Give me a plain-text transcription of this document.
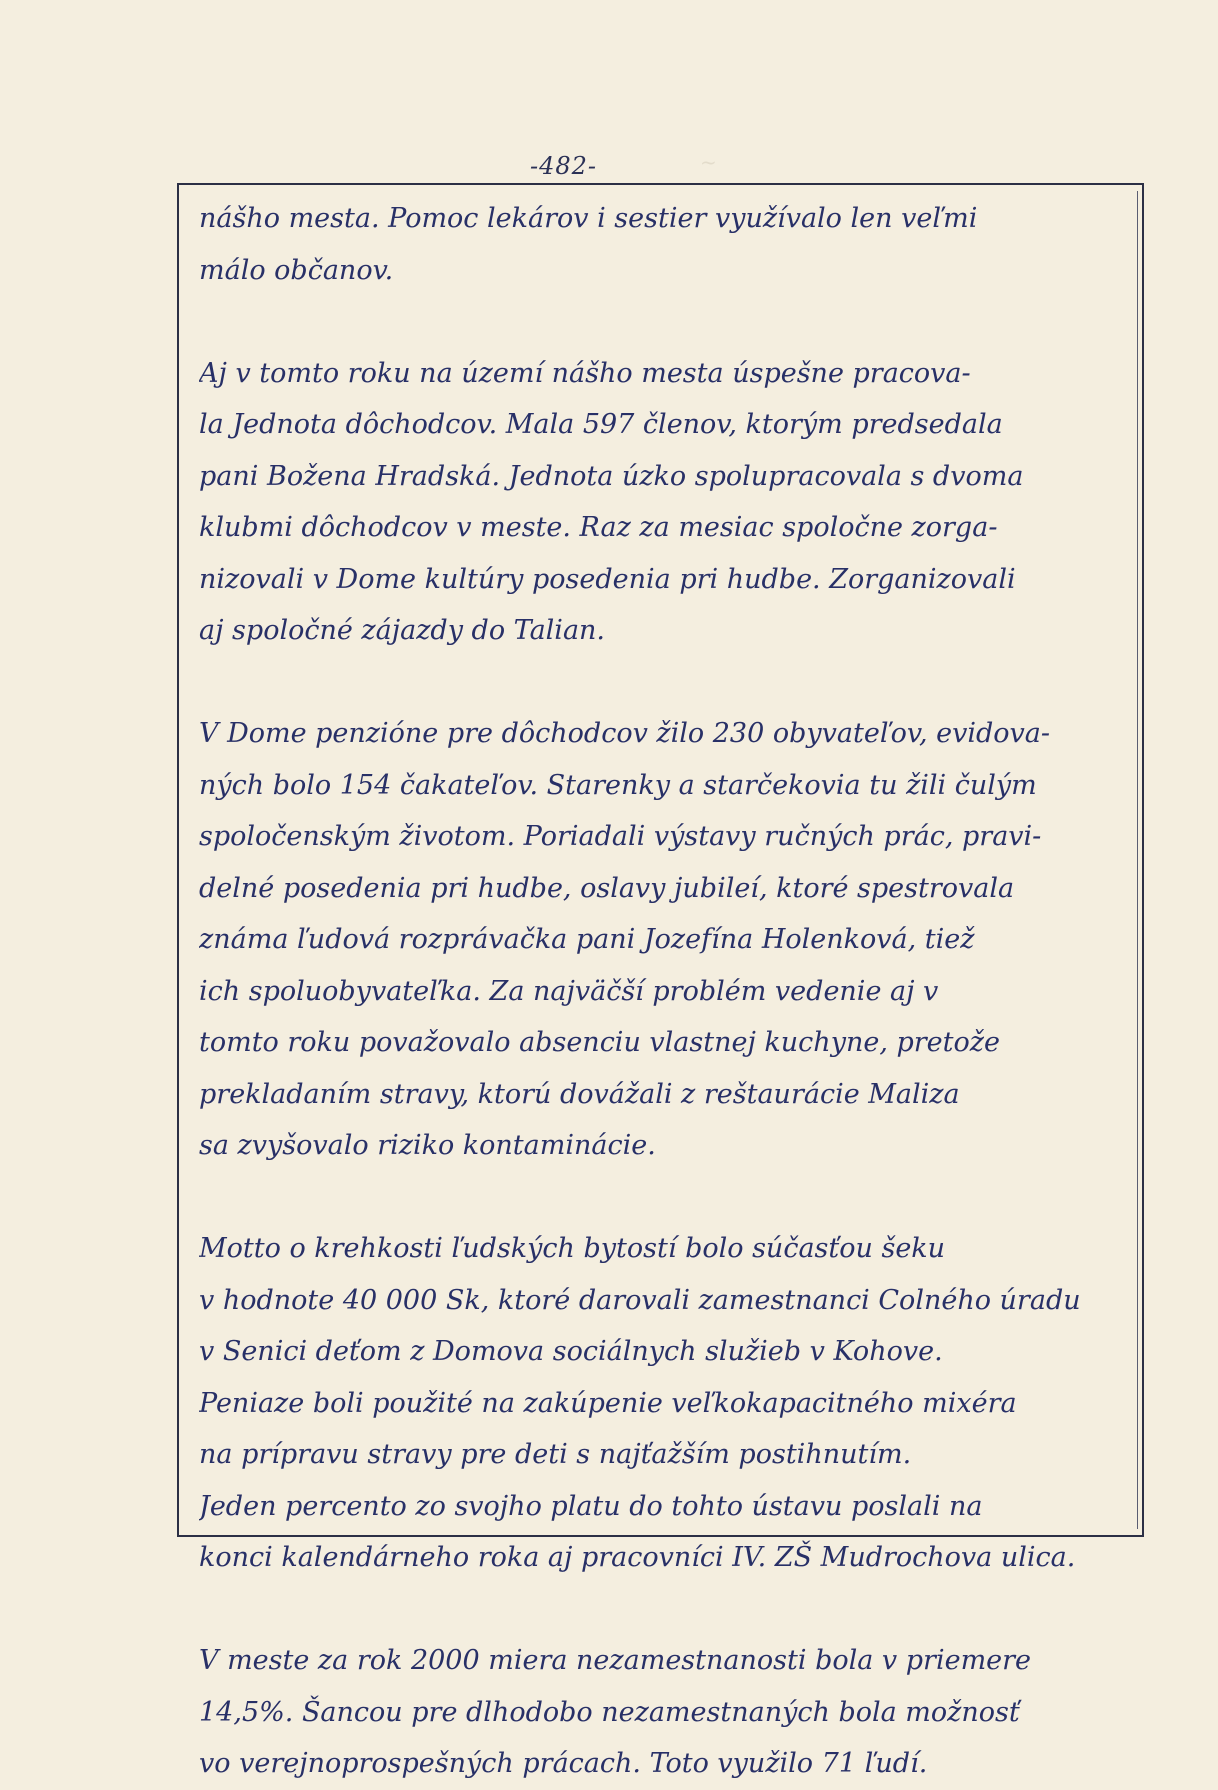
~
-482-
nášho mesta. Pomoc lekárov i sestier využívalo len veľmi
málo občanov.
Aj v tomto roku na území nášho mesta úspešne pracova-
la Jednota dôchodcov. Mala 597 členov, ktorým predsedala
pani Božena Hradská. Jednota úzko spolupracovala s dvoma
klubmi dôchodcov v meste. Raz za mesiac spoločne zorga-
nizovali v Dome kultúry posedenia pri hudbe. Zorganizovali
aj spoločné zájazdy do Talian.
V Dome penzióne pre dôchodcov žilo 230 obyvateľov, evidova-
ných bolo 154 čakateľov. Starenky a starčekovia tu žili čulým
spoločenským životom. Poriadali výstavy ručných prác, pravi-
delné posedenia pri hudbe, oslavy jubileí, ktoré spestrovala
známa ľudová rozprávačka pani Jozefína Holenková, tiež
ich spoluobyvateľka. Za najväčší problém vedenie aj v
tomto roku považovalo absenciu vlastnej kuchyne, pretože
prekladaním stravy, ktorú dovážali z reštaurácie Maliza
sa zvyšovalo riziko kontaminácie.
Motto o krehkosti ľudských bytostí bolo súčasťou šeku
v hodnote 40 000 Sk, ktoré darovali zamestnanci Colného úradu
v Senici deťom z Domova sociálnych služieb v Kohove.
Peniaze boli použité na zakúpenie veľkokapacitného mixéra
na prípravu stravy pre deti s najťažším postihnutím.
Jeden percento zo svojho platu do tohto ústavu poslali na
konci kalendárneho roka aj pracovníci IV. ZŠ Mudrochova ulica.
V meste za rok 2000 miera nezamestnanosti bola v priemere
14,5%. Šancou pre dlhodobo nezamestnaných bola možnosť
vo verejnoprospešných prácach. Toto využilo 71 ľudí.
